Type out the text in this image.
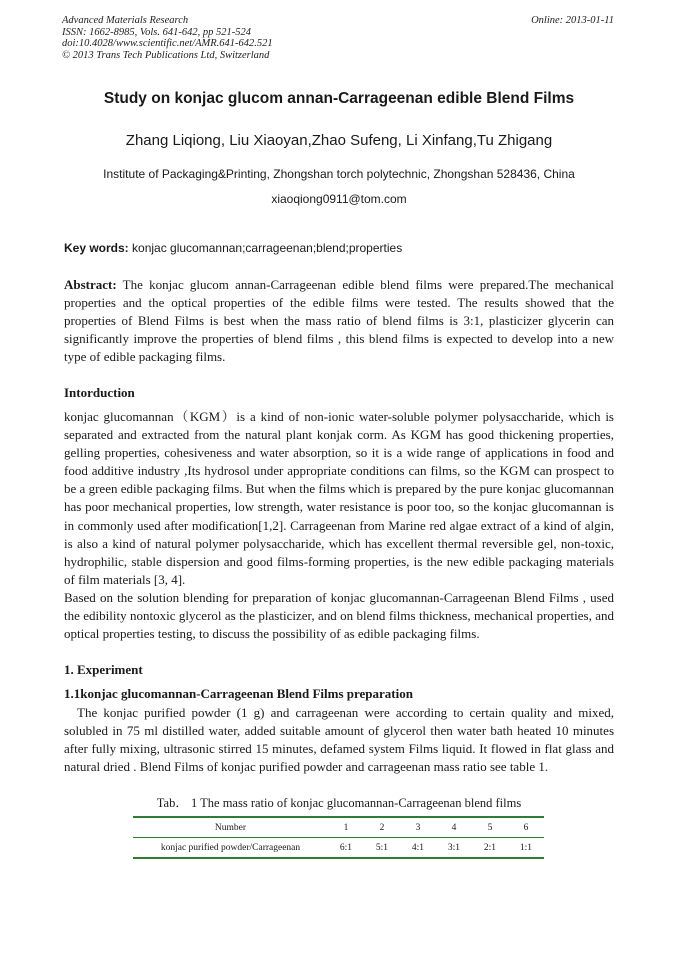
Advanced Materials Research
ISSN: 1662-8985, Vols. 641-642, pp 521-524
doi:10.4028/www.scientific.net/AMR.641-642.521
© 2013 Trans Tech Publications Ltd, Switzerland
Online: 2013-01-11
Study on konjac glucom annan-Carrageenan edible Blend Films
Zhang Liqiong, Liu Xiaoyan,Zhao Sufeng, Li Xinfang,Tu Zhigang
Institute of Packaging&Printing, Zhongshan torch polytechnic, Zhongshan 528436, China
xiaoqiong0911@tom.com
Key words: konjac glucomannan;carrageenan;blend;properties
Abstract: The konjac glucom annan-Carrageenan edible blend films were prepared.The mechanical properties and the optical properties of the edible films were tested. The results showed that the properties of Blend Films is best when the mass ratio of blend films is 3:1, plasticizer glycerin can significantly improve the properties of blend films , this blend films is expected to develop into a new type of edible packaging films.
Intorduction
konjac glucomannan（KGM）is a kind of non-ionic water-soluble polymer polysaccharide, which is separated and extracted from the natural plant konjak corm. As KGM has good thickening properties, gelling properties, cohesiveness and water absorption, so it is a wide range of applications in food and food additive industry ,Its hydrosol under appropriate conditions can films, so the KGM can prospect to be a green edible packaging films. But when the films which is prepared by the pure konjac glucomannan has poor mechanical properties, low strength, water resistance is poor too, so the konjac glucomannan is in commonly used after modification[1,2]. Carrageenan from Marine red algae extract of a kind of algin, is also a kind of natural polymer polysaccharide, which has excellent thermal reversible gel, non-toxic, hydrophilic, stable dispersion and good films-forming properties, is the new edible packaging materials of film materials [3, 4].
Based on the solution blending for preparation of konjac glucomannan-Carrageenan Blend Films , used the edibility nontoxic glycerol as the plasticizer, and on blend films thickness, mechanical properties, and optical properties testing, to discuss the possibility of as edible packaging films.
1. Experiment
1.1konjac glucomannan-Carrageenan Blend Films preparation
The konjac purified powder (1 g) and carrageenan were according to certain quality and mixed, solubled in 75 ml distilled water, added suitable amount of glycerol then water bath heated 10 minutes after fully mixing, ultrasonic stirred 15 minutes, defamed system Films liquid. It flowed in flat glass and natural dried . Blend Films of konjac purified powder and carrageenan mass ratio see table 1.
Tab． 1 The mass ratio of konjac glucomannan-Carrageenan blend films
Number	1	2	3	4	5	6
konjac purified powder/Carrageenan	6:1	5:1	4:1	3:1	2:1	1:1
